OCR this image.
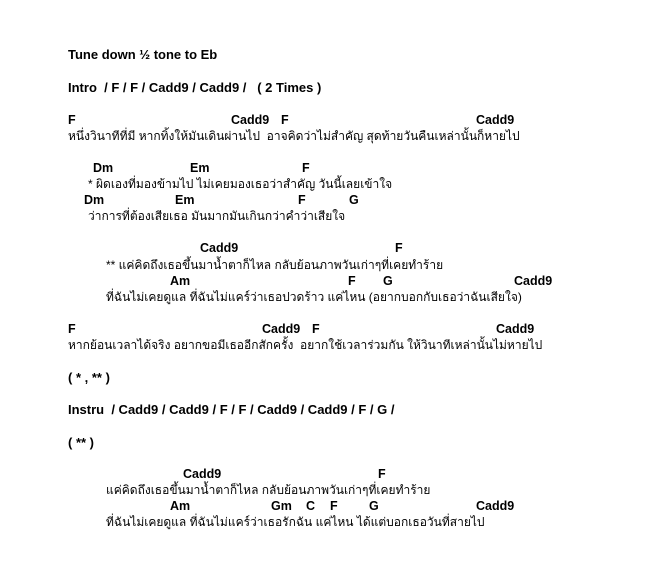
Tune down ½ tone to Eb
Intro  / F / F / Cadd9 / Cadd9 /   ( 2 Times )
F	Cadd9 F	Cadd9
หนึ่งวินาทีที่มี หากทิ้งให้มันเดินผ่านไป  อาจคิดว่าไม่สำคัญ สุดท้ายวันคืนเหล่านั้นก็หายไป
Dm	Em	F
* ผิดเองที่มองข้ามไป ไม่เคยมองเธอว่าสำคัญ วันนี้เลยเข้าใจ
Dm	Em	F	G
ว่าการที่ต้องเสียเธอ มันมากมันเกินกว่าคำว่าเสียใจ
Cadd9	F
** แค่คิดถึงเธอขึ้นมาน้ำตาก็ไหล กลับย้อนภาพวันเก่าๆที่เคยทำร้าย
Am	F G	Cadd9
ที่ฉันไม่เคยดูแล ที่ฉันไม่แคร์ว่าเธอปวดร้าว แค่ไหน (อยากบอกกับเธอว่าฉันเสียใจ)
F	Cadd9 F	Cadd9
หากย้อนเวลาได้จริง อยากขอมีเธออีกสักครั้ง  อยากใช้เวลาร่วมกัน ให้วินาทีเหล่านั้นไม่หายไป
( * , ** )
Instru  / Cadd9 / Cadd9 / F / F / Cadd9 / Cadd9 / F / G /
( ** )
Cadd9	F
แค่คิดถึงเธอขึ้นมาน้ำตาก็ไหล กลับย้อนภาพวันเก่าๆที่เคยทำร้าย
Am	Gm C F	G	Cadd9
ที่ฉันไม่เคยดูแล ที่ฉันไม่แคร์ว่าเธอรักฉัน แค่ไหน ได้แต่บอกเธอวันที่สายไป
